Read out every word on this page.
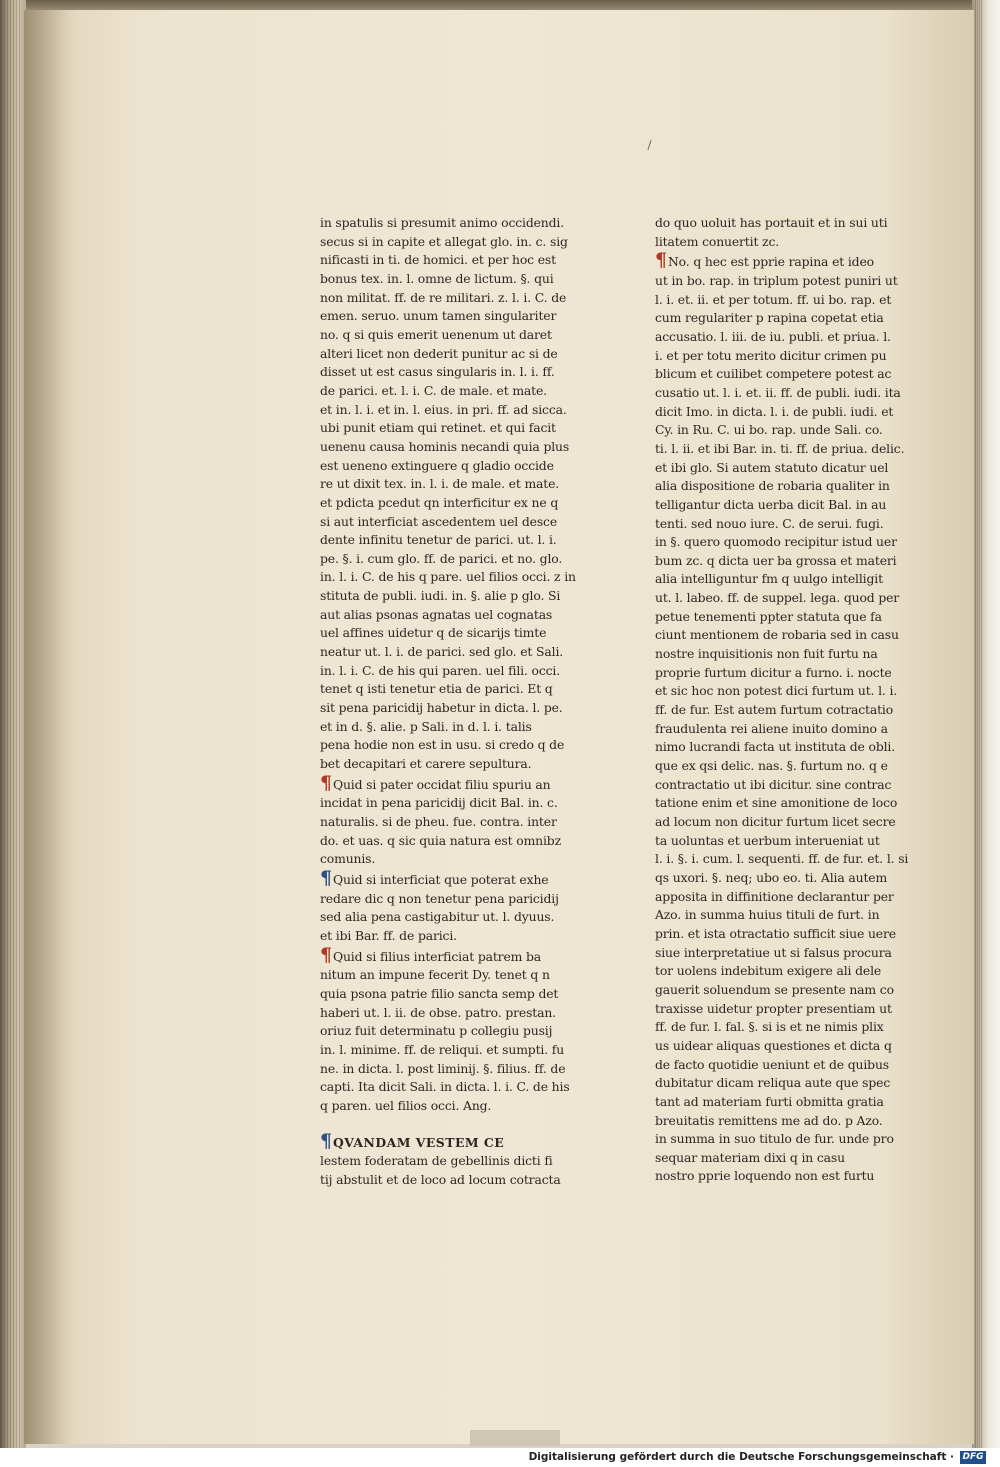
in spatulis si presumit animo occidendi.
secus si in capite et allegat glo. in. c. sig
nificasti in ti. de homici. et per hoc est
bonus tex. in. l. omne de lictum. §. qui
non militat. ff. de re militari. z. l. i. C. de
emen. seruo. unum tamen singulariter
no. q si quis emerit uenenum ut daret
alteri licet non dederit punitur ac si de
disset ut est casus singularis in. l. i. ff.
de parici. et. l. i. C. de male. et mate.
et in. l. i. et in. l. eius. in pri. ff. ad sicca.
ubi punit etiam qui retinet. et qui facit
uenenu causa hominis necandi quia plus
est ueneno extinguere q gladio occide
re ut dixit tex. in. l. i. de male. et mate.
et pdicta pcedut qn interficitur ex ne q
si aut interficiat ascedentem uel desce
dente infinitu tenetur de parici. ut. l. i.
pe. §. i. cum glo. ff. de parici. et no. glo.
in. l. i. C. de his q pare. uel filios occi. z in
stituta de publi. iudi. in. §. alie p glo. Si
aut alias psonas agnatas uel cognatas
uel affines uidetur q de sicarijs timte
neatur ut. l. i. de parici. sed glo. et Sali.
in. l. i. C. de his qui paren. uel fili. occi.
tenet q isti tenetur etia de parici. Et q
sit pena paricidij habetur in dicta. l. pe.
et in d. §. alie. p Sali. in d. l. i. talis
pena hodie non est in usu. si credo q de
bet decapitari et carere sepultura.
¶Quid si pater occidat filiu spuriu an
incidat in pena paricidij dicit Bal. in. c.
naturalis. si de pheu. fue. contra. inter
do. et uas. q sic quia natura est omnibz
comunis.
¶Quid si interficiat que poterat exhe
redare dic q non tenetur pena paricidij
sed alia pena castigabitur ut. l. dyuus.
et ibi Bar. ff. de parici.
¶Quid si filius interficiat patrem ba
nitum an impune fecerit Dy. tenet q n
quia psona patrie filio sancta semp det
haberi ut. l. ii. de obse. patro. prestan.
oriuz fuit determinatu p collegiu pusij
in. l. minime. ff. de reliqui. et sumpti. fu
ne. in dicta. l. post liminij. §. filius. ff. de
capti. Ita dicit Sali. in dicta. l. i. C. de his
q paren. uel filios occi. Ang.
¶QVANDAM VESTEM CE
lestem foderatam de gebellinis dicti fi
tij abstulit et de loco ad locum cotracta
do quo uoluit has portauit et in sui uti
litatem conuertit zc.
¶No. q hec est pprie rapina et ideo
ut in bo. rap. in triplum potest puniri ut
l. i. et. ii. et per totum. ff. ui bo. rap. et
cum regulariter p rapina copetat etia
accusatio. l. iii. de iu. publi. et priua. l.
i. et per totu merito dicitur crimen pu
blicum et cuilibet competere potest ac
cusatio ut. l. i. et. ii. ff. de publi. iudi. ita
dicit Imo. in dicta. l. i. de publi. iudi. et
Cy. in Ru. C. ui bo. rap. unde Sali. co.
ti. l. ii. et ibi Bar. in. ti. ff. de priua. delic.
et ibi glo. Si autem statuto dicatur uel
alia dispositione de robaria qualiter in
telligantur dicta uerba dicit Bal. in au
tenti. sed nouo iure. C. de serui. fugi.
in §. quero quomodo recipitur istud uer
bum zc. q dicta uer ba grossa et materi
alia intelliguntur fm q uulgo intelligit
ut. l. labeo. ff. de suppel. lega. quod per
petue tenementi ppter statuta que fa
ciunt mentionem de robaria sed in casu
nostre inquisitionis non fuit furtu na
proprie furtum dicitur a furno. i. nocte
et sic hoc non potest dici furtum ut. l. i.
ff. de fur. Est autem furtum cotractatio
fraudulenta rei aliene inuito domino a
nimo lucrandi facta ut instituta de obli.
que ex qsi delic. nas. §. furtum no. q e
contractatio ut ibi dicitur. sine contrac
tatione enim et sine amonitione de loco
ad locum non dicitur furtum licet secre
ta uoluntas et uerbum interueniat ut
l. i. §. i. cum. l. sequenti. ff. de fur. et. l. si
qs uxori. §. neq; ubo eo. ti. Alia autem
apposita in diffinitione declarantur per
Azo. in summa huius tituli de furt. in
prin. et ista otractatio sufficit siue uere
siue interpretatiue ut si falsus procura
tor uolens indebitum exigere ali dele
gauerit soluendum se presente nam co
traxisse uidetur propter presentiam ut
ff. de fur. l. fal. §. si is et ne nimis plix
us uidear aliquas questiones et dicta q
de facto quotidie ueniunt et de quibus
dubitatur dicam reliqua aute que spec
tant ad materiam furti obmitta gratia
breuitatis remittens me ad do. p Azo.
in summa in suo titulo de fur. unde pro
sequar materiam dixi q in casu
nostro pprie loquendo non est furtu
Digitalisierung gefördert durch die Deutsche Forschungsgemeinschaft · DFG
